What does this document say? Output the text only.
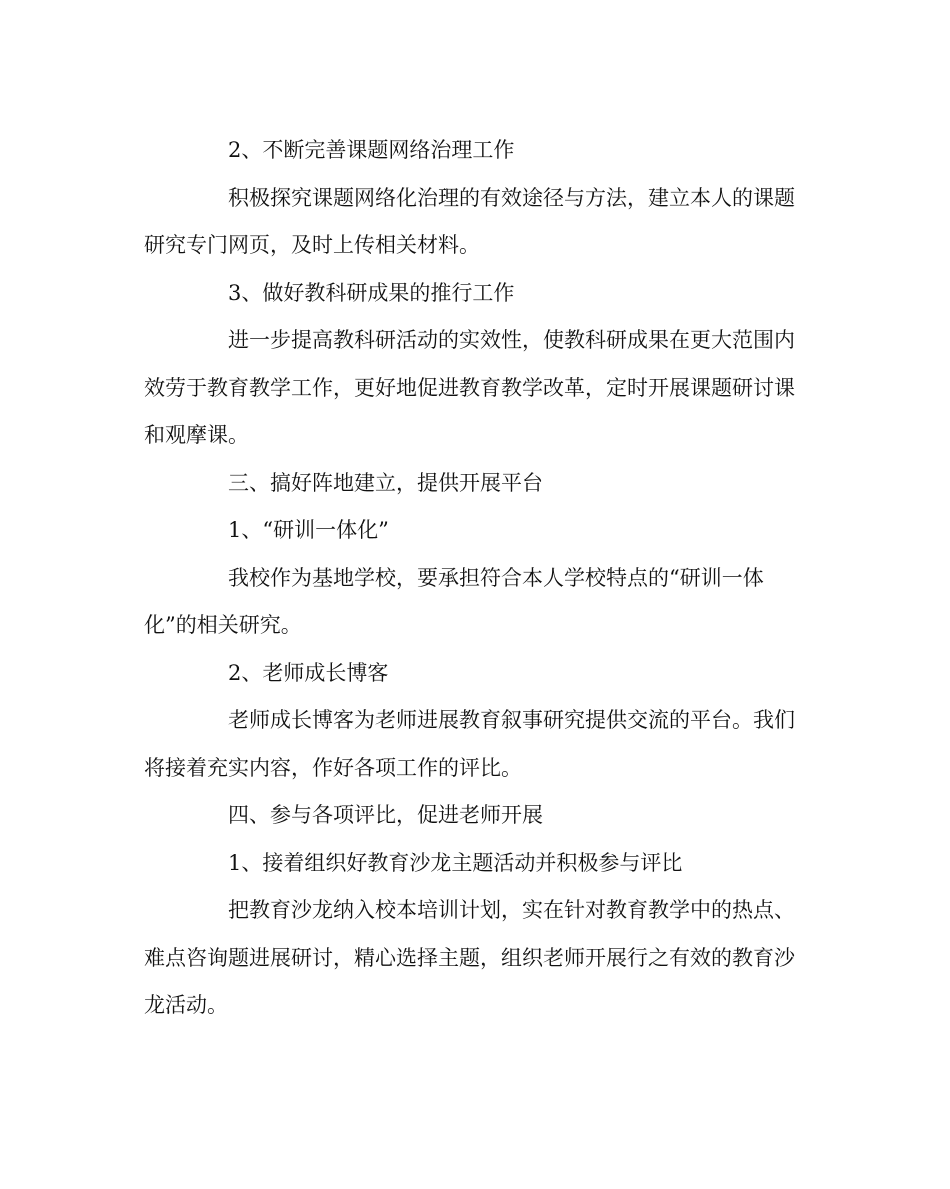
2、不断完善课题网络治理工作

积极探究课题网络化治理的有效途径与方法，建立本人的课题研究专门网页，及时上传相关材料。

3、做好教科研成果的推行工作

进一步提高教科研活动的实效性，使教科研成果在更大范围内效劳于教育教学工作，更好地促进教育教学改革，定时开展课题研讨课和观摩课。

三、搞好阵地建立，提供开展平台

1、“研训一体化”

我校作为基地学校，要承担符合本人学校特点的“研训一体化”的相关研究。

2、老师成长博客

老师成长博客为老师进展教育叙事研究提供交流的平台。我们将接着充实内容，作好各项工作的评比。

四、参与各项评比，促进老师开展

1、接着组织好教育沙龙主题活动并积极参与评比

把教育沙龙纳入校本培训计划，实在针对教育教学中的热点、难点咨询题进展研讨，精心选择主题，组织老师开展行之有效的教育沙龙活动。
